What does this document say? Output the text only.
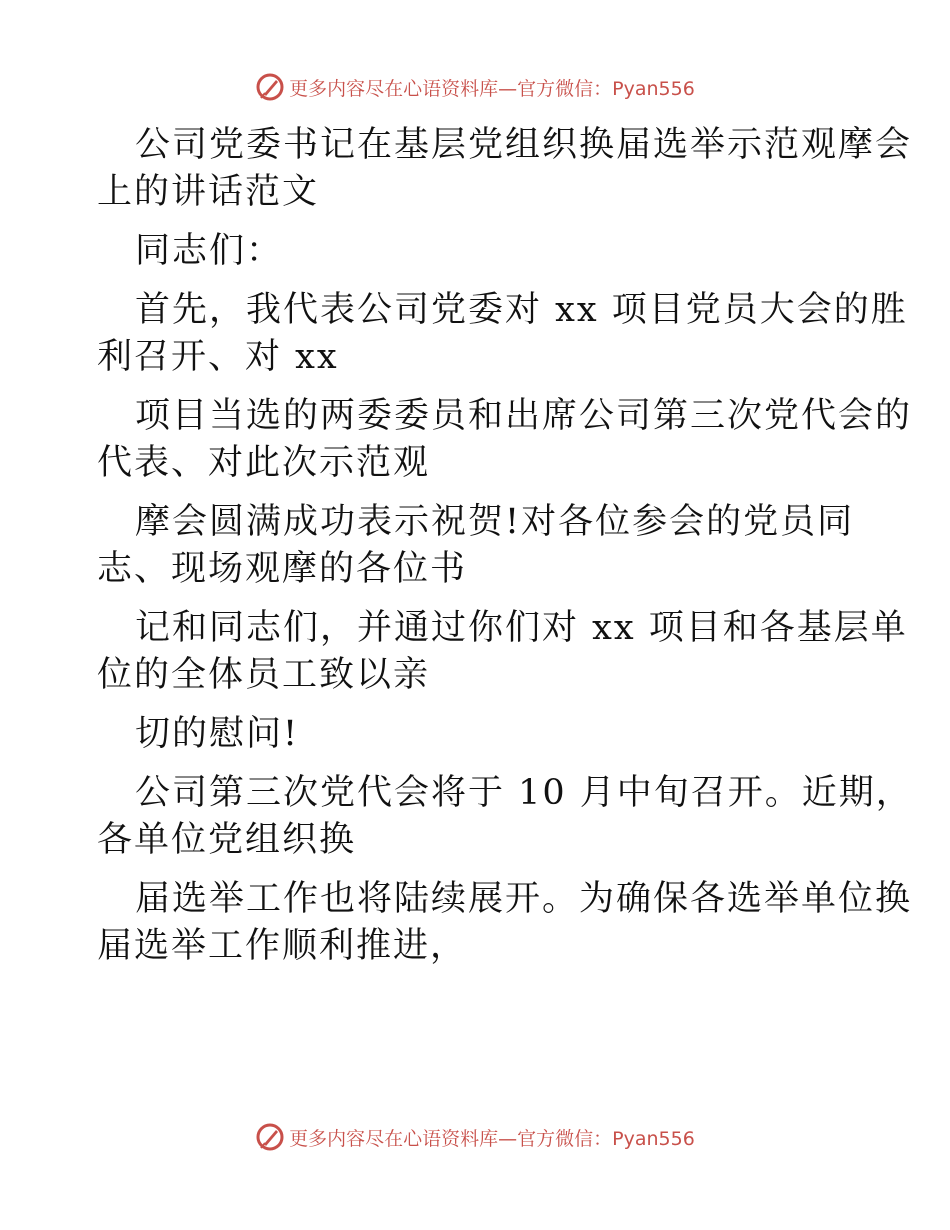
更多内容尽在心语资料库—官方微信：Pyan556
公司党委书记在基层党组织换届选举示范观摩会
上的讲话范文
同志们：
首先，我代表公司党委对 xx 项目党员大会的胜
利召开、对 xx
项目当选的两委委员和出席公司第三次党代会的
代表、对此次示范观
摩会圆满成功表示祝贺!对各位参会的党员同
志、现场观摩的各位书
记和同志们，并通过你们对 xx 项目和各基层单
位的全体员工致以亲
切的慰问!
公司第三次党代会将于 10 月中旬召开。近期，
各单位党组织换
届选举工作也将陆续展开。为确保各选举单位换
届选举工作顺利推进，
更多内容尽在心语资料库—官方微信：Pyan556
